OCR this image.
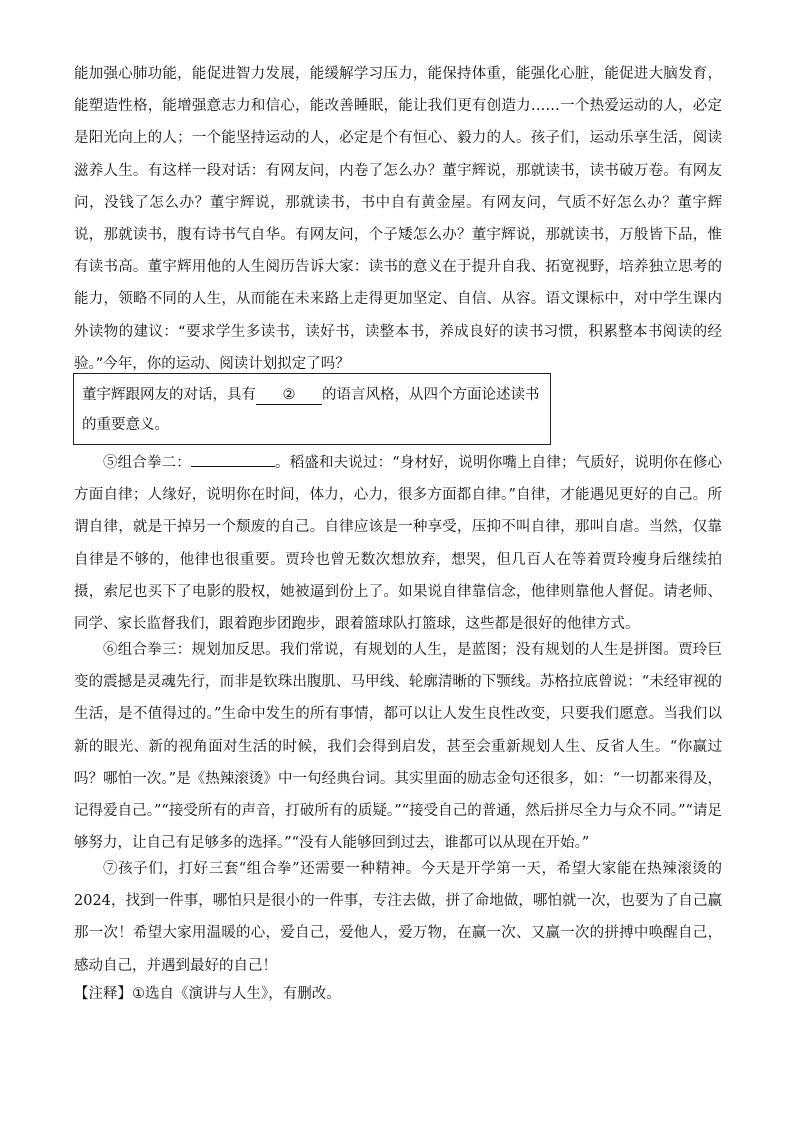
能加强心肺功能，能促进智力发展，能缓解学习压力，能保持体重，能强化心脏，能促进大脑发育，能塑造性格，能增强意志力和信心，能改善睡眠，能让我们更有创造力……一个热爱运动的人，必定是阳光向上的人；一个能坚持运动的人，必定是个有恒心、毅力的人。孩子们，运动乐享生活，阅读滋养人生。有这样一段对话：有网友问，内卷了怎么办？董宇辉说，那就读书，读书破万卷。有网友问，没钱了怎么办？董宇辉说，那就读书，书中自有黄金屋。有网友问，气质不好怎么办？董宇辉说，那就读书，腹有诗书气自华。有网友问，个子矮怎么办？董宇辉说，那就读书，万般皆下品，惟有读书高。董宇辉用他的人生阅历告诉大家：读书的意义在于提升自我、拓宽视野，培养独立思考的能力，领略不同的人生，从而能在未来路上走得更加坚定、自信、从容。语文课标中，对中学生课内外读物的建议：“要求学生多读书，读好书，读整本书，养成良好的读书习惯，积累整本书阅读的经验。”今年，你的运动、阅读计划拟定了吗？

董宇辉跟网友的对话，具有 ② 的语言风格，从四个方面论述读书的重要意义。

⑤组合拳二：	。稻盛和夫说过：“身材好，说明你嘴上自律；气质好，说明你在修心方面自律；人缘好，说明你在时间，体力，心力，很多方面都自律。”自律，才能遇见更好的自己。所谓自律，就是干掉另一个颓废的自己。自律应该是一种享受，压抑不叫自律，那叫自虐。当然，仅靠自律是不够的，他律也很重要。贾玲也曾无数次想放弃，想哭，但几百人在等着贾玲瘦身后继续拍摄，索尼也买下了电影的股权，她被逼到份上了。如果说自律靠信念，他律则靠他人督促。请老师、同学、家长监督我们，跟着跑步团跑步，跟着篮球队打篮球，这些都是很好的他律方式。

⑥组合拳三：规划加反思。我们常说，有规划的人生，是蓝图；没有规划的人生是拼图。贾玲巨变的震撼是灵魂先行，而非是钦珠出腹肌、马甲线、轮廓清晰的下颚线。苏格拉底曾说：“未经审视的生活，是不值得过的。”生命中发生的所有事情，都可以让人发生良性改变，只要我们愿意。当我们以新的眼光、新的视角面对生活的时候，我们会得到启发，甚至会重新规划人生、反省人生。“你赢过吗？哪怕一次。”是《热辣滚烫》中一句经典台词。其实里面的励志金句还很多，如：“一切都来得及，记得爱自己。”“接受所有的声音，打破所有的质疑。”“接受自己的普通，然后拼尽全力与众不同。”“请足够努力，让自己有足够多的选择。”“没有人能够回到过去，谁都可以从现在开始。”

⑦孩子们，打好三套“组合拳”还需要一种精神。今天是开学第一天，希望大家能在热辣滚烫的2024，找到一件事，哪怕只是很小的一件事，专注去做，拼了命地做，哪怕就一次，也要为了自己赢那一次！希望大家用温暖的心，爱自己，爱他人，爱万物，在赢一次、又赢一次的拼搏中唤醒自己，感动自己，并遇到最好的自己！

【注释】①选自《演讲与人生》，有删改。
